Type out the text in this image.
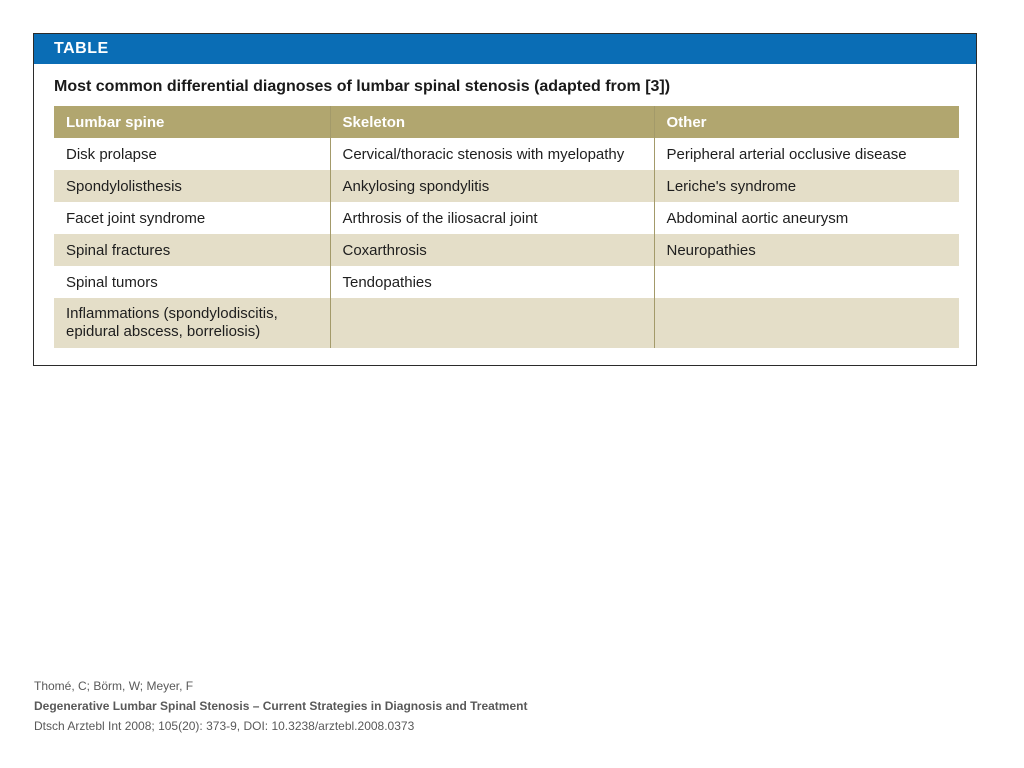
TABLE
Most common differential diagnoses of lumbar spinal stenosis (adapted from [3])
Lumbar spine	Skeleton	Other
Disk prolapse	Cervical/thoracic stenosis with myelopathy	Peripheral arterial occlusive disease
Spondylolisthesis	Ankylosing spondylitis	Leriche's syndrome
Facet joint syndrome	Arthrosis of the iliosacral joint	Abdominal aortic aneurysm
Spinal fractures	Coxarthrosis	Neuropathies
Spinal tumors	Tendopathies	
Inflammations (spondylodiscitis, epidural abscess, borreliosis)		
Thomé, C; Börm, W; Meyer, F
Degenerative Lumbar Spinal Stenosis – Current Strategies in Diagnosis and Treatment
Dtsch Arztebl Int 2008; 105(20): 373-9, DOI: 10.3238/arztebl.2008.0373
